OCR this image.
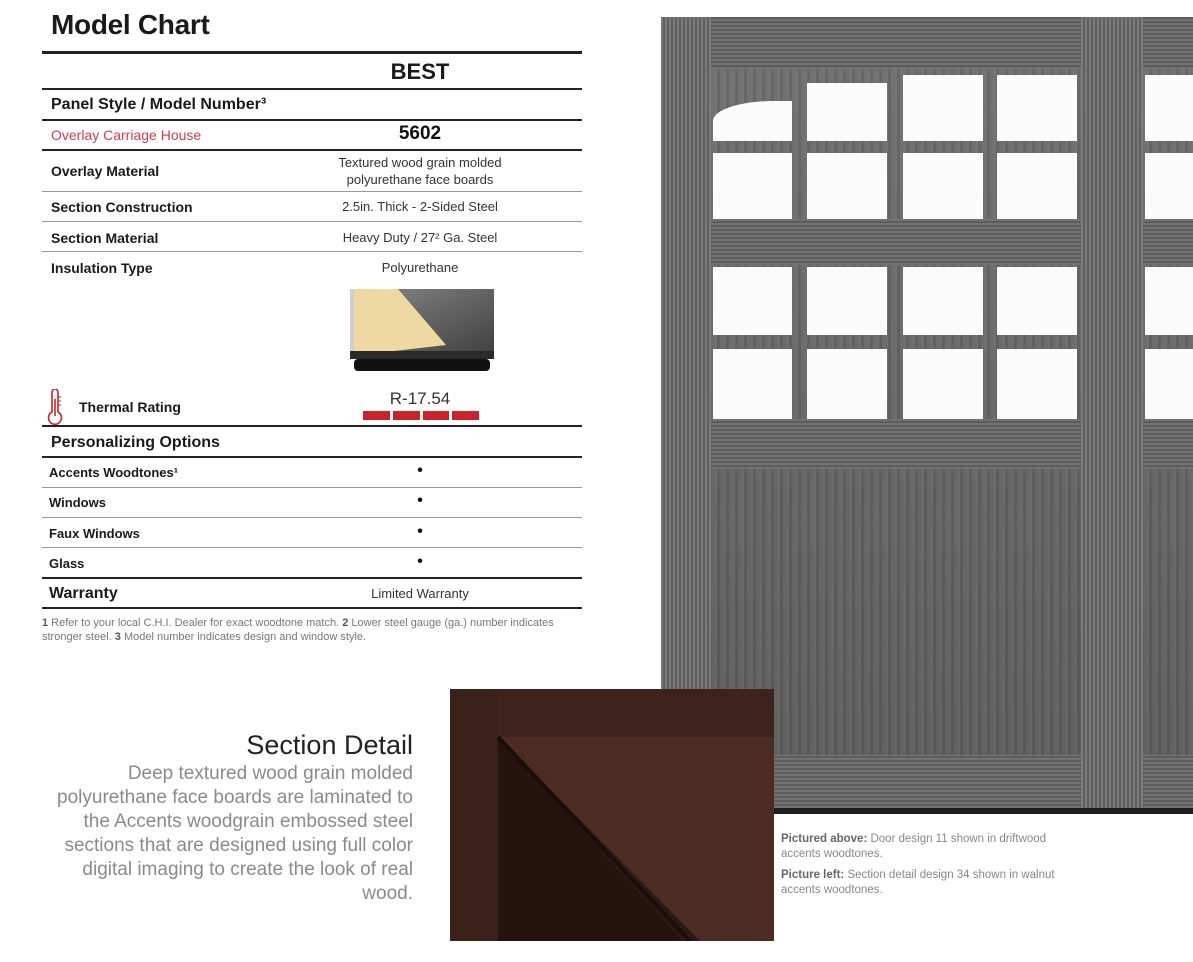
Model Chart
BEST
Panel Style / Model Number³
Overlay Carriage House	5602
Overlay Material
Textured wood grain molded polyurethane face boards
Section Construction	2.5in. Thick - 2-Sided Steel
Section Material	Heavy Duty / 27² Ga. Steel
Insulation Type	Polyurethane
Thermal Rating	R-17.54
Personalizing Options
Accents Woodtones¹	•
Windows	•
Faux Windows	•
Glass	•
Warranty	Limited Warranty
1 Refer to your local C.H.I. Dealer for exact woodtone match. 2 Lower steel gauge (ga.) number indicates stronger steel. 3 Model number indicates design and window style.
Section Detail
Deep textured wood grain molded polyurethane face boards are laminated to the Accents woodgrain embossed steel sections that are designed using full color digital imaging to create the look of real wood.
Pictured above: Door design 11 shown in driftwood accents woodtones.
Picture left: Section detail design 34 shown in walnut accents woodtones.
